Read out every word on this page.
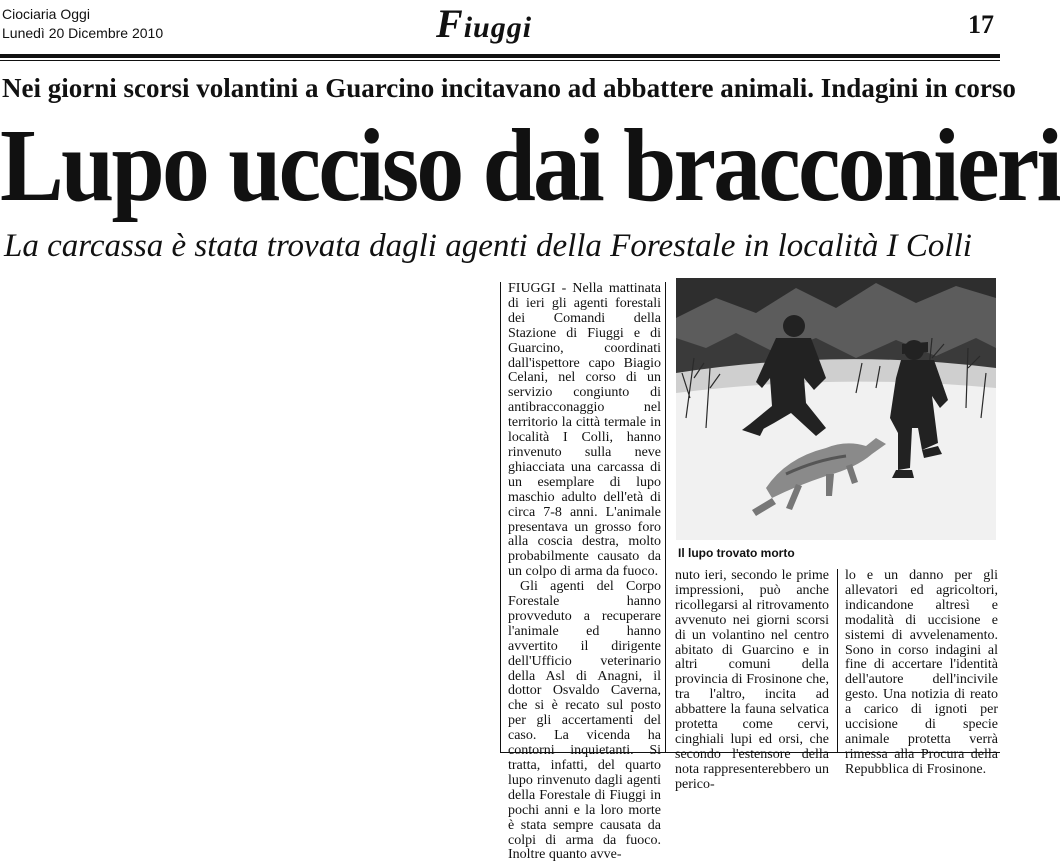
Ciociaria Oggi
Lunedì 20 Dicembre 2010	Fiuggi	17
Nei giorni scorsi volantini a Guarcino incitavano ad abbattere animali. Indagini in corso
Lupo ucciso dai bracconieri
La carcassa è stata trovata dagli agenti della Forestale in località I Colli

FIUGGI - Nella mattinata di ieri gli agenti forestali dei Comandi della Stazione di Fiuggi e di Guarcino, coordinati dall'ispettore capo Biagio Celani, nel corso di un servizio congiunto di antibracconaggio nel territorio la città termale in località I Colli, hanno rinvenuto sulla neve ghiacciata una carcassa di un esemplare di lupo maschio adulto dell'età di circa 7-8 anni. L'animale presentava un grosso foro alla coscia destra, molto probabilmente causato da un colpo di arma da fuoco.

Gli agenti del Corpo Forestale hanno provveduto a recuperare l'animale ed hanno avvertito il dirigente dell'Ufficio veterinario della Asl di Anagni, il dottor Osvaldo Caverna, che si è recato sul posto per gli accertamenti del caso. La vicenda ha contorni inquietanti. Si tratta, infatti, del quarto lupo rinvenuto dagli agenti della Forestale di Fiuggi in pochi anni e la loro morte è stata sempre causata da colpi di arma da fuoco. Inoltre quanto avve-

Il lupo trovato morto

nuto ieri, secondo le prime impressioni, può anche ricollegarsi al ritrovamento avvenuto nei giorni scorsi di un volantino nel centro abitato di Guarcino e in altri comuni della provincia di Frosinone che, tra l'altro, incita ad abbattere la fauna selvatica protetta come cervi, cinghiali lupi ed orsi, che secondo l'estensore della nota rappresenterebbero un perico-

lo e un danno per gli allevatori ed agricoltori, indicandone altresì e modalità di uccisione e sistemi di avvelenamento. Sono in corso indagini al fine di accertare l'identità dell'autore dell'incivile gesto. Una notizia di reato a carico di ignoti per uccisione di specie animale protetta verrà rimessa alla Procura della Repubblica di Frosinone.
